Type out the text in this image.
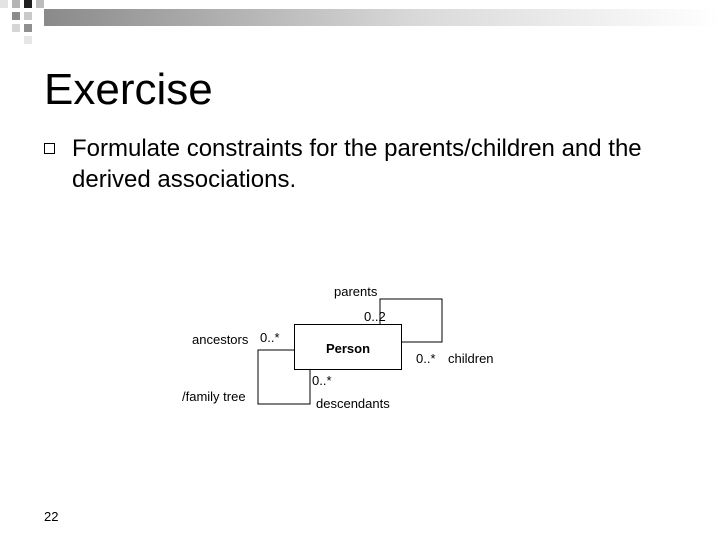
Exercise
Formulate constraints for the parents/children and the derived associations.
Person
parents
0..2
0..* children
ancestors 0..*
0..*
descendants
/family tree
22
